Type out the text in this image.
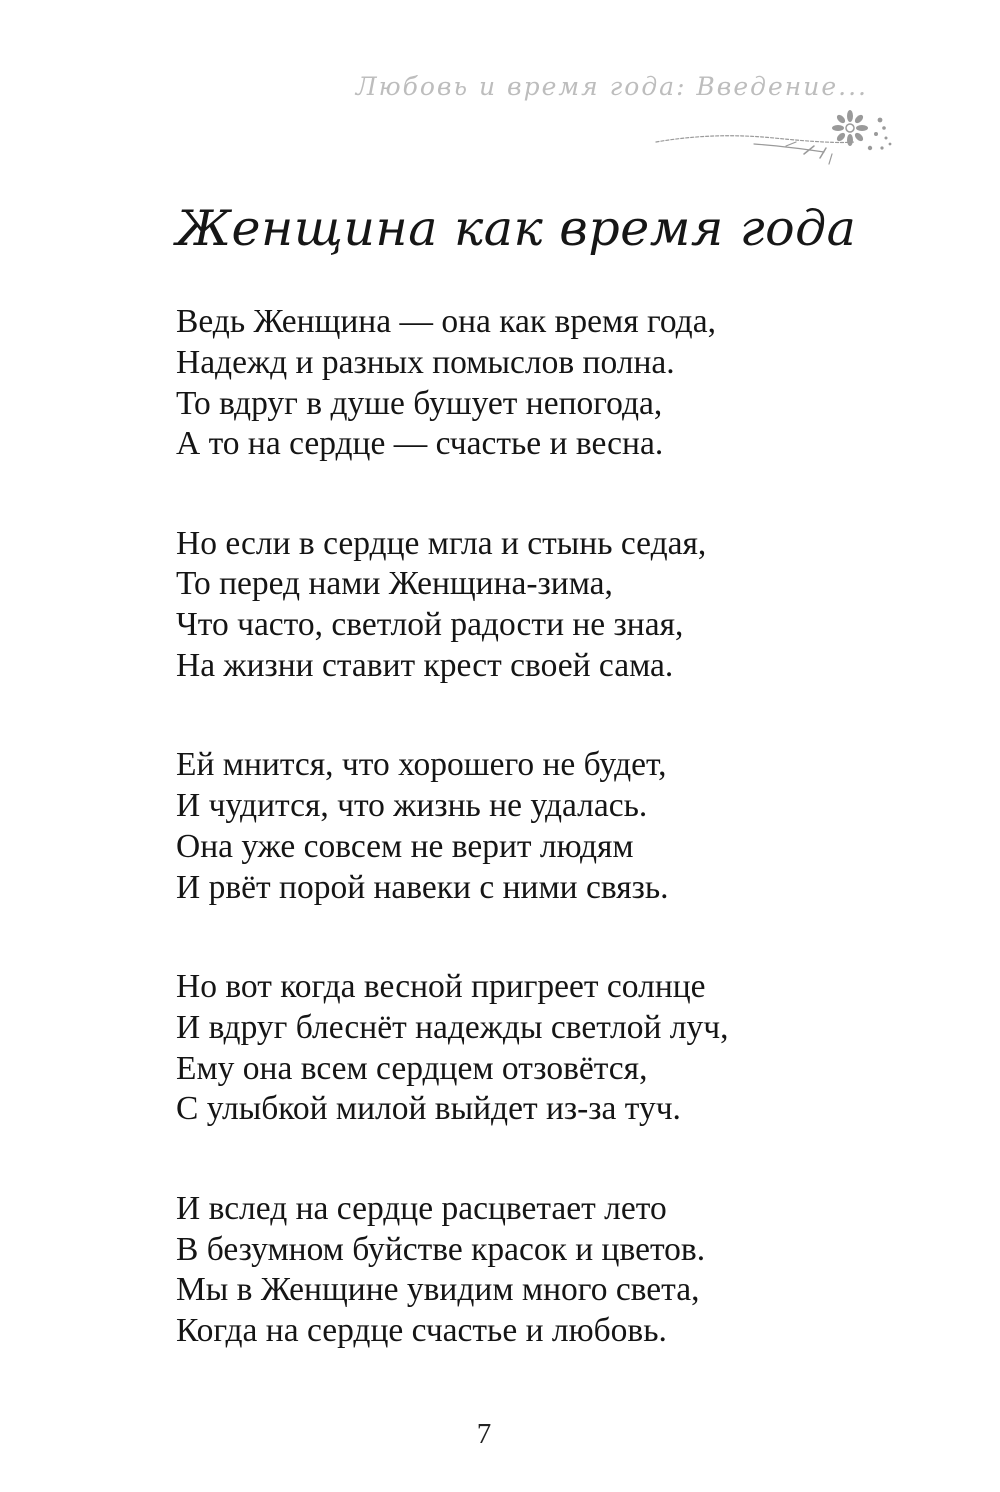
Любовь и время года: Введение...
Женщина как время года
Ведь Женщина — она как время года,
Надежд и разных помыслов полна.
То вдруг в душе бушует непогода,
А то на сердце — счастье и весна.
Но если в сердце мгла и стынь седая,
То перед нами Женщина-зима,
Что часто, светлой радости не зная,
На жизни ставит крест своей сама.
Ей мнится, что хорошего не будет,
И чудится, что жизнь не удалась.
Она уже совсем не верит людям
И рвёт порой навеки с ними связь.
Но вот когда весной пригреет солнце
И вдруг блеснёт надежды светлой луч,
Ему она всем сердцем отзовётся,
С улыбкой милой выйдет из-за туч.
И вслед на сердце расцветает лето
В безумном буйстве красок и цветов.
Мы в Женщине увидим много света,
Когда на сердце счастье и любовь.
7
